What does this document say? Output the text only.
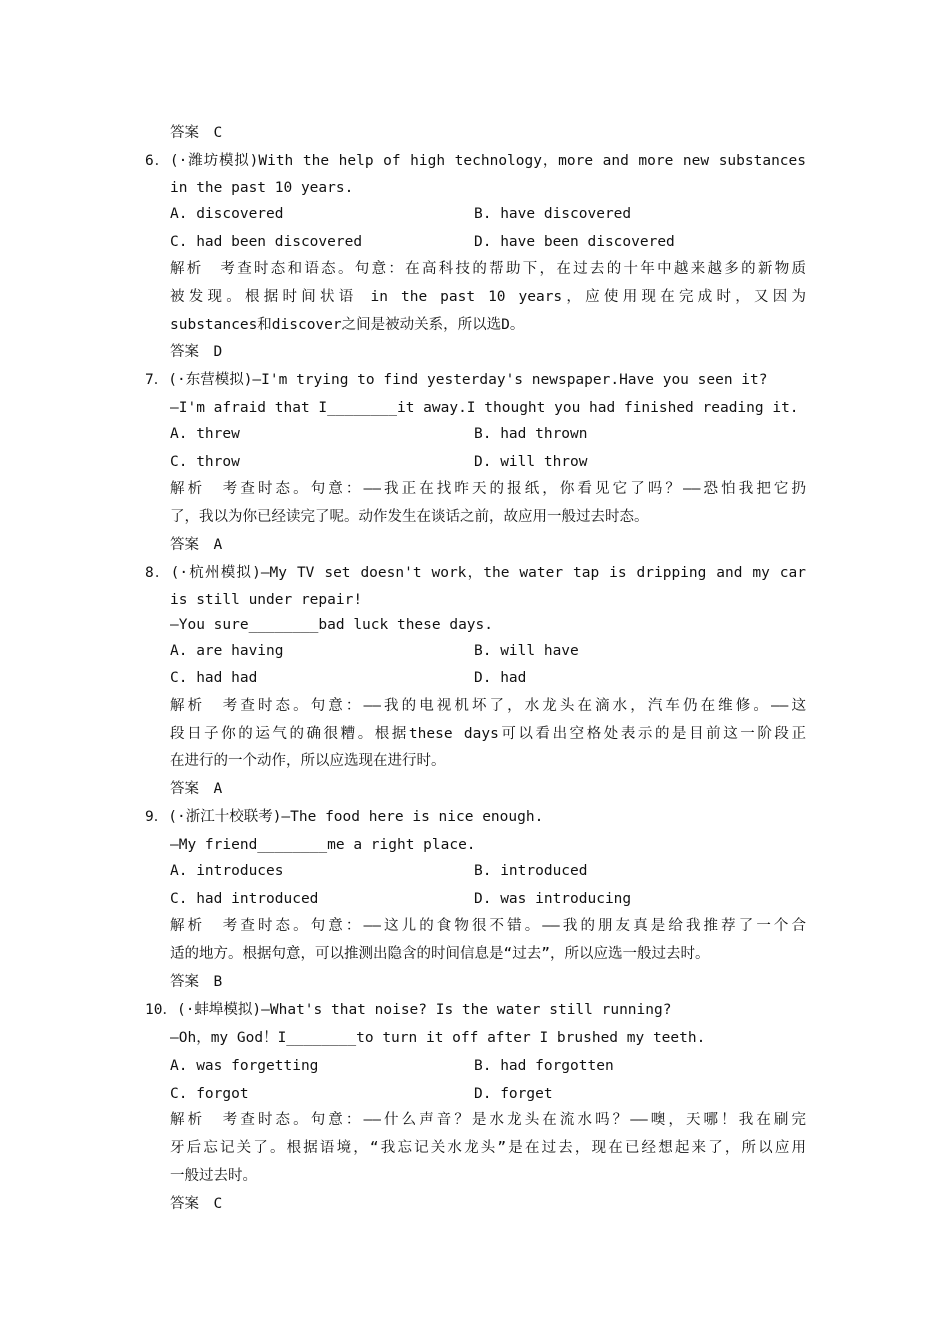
答案　C
6．(·潍坊模拟)With the help of high technology，more and more new substances
in the past 10 years.
A. discovered	B. have discovered
C. had been discovered	D. have been discovered
解析　考查时态和语态。句意：在高科技的帮助下，在过去的十年中越来越多的新物质
被发现。根据时间状语 in the past 10 years，应使用现在完成时，又因为
substances和discover之间是被动关系，所以选D。
答案　D
7．(·东营模拟)—I'm trying to find yesterday's newspaper.Have you seen it?
—I'm afraid that I________it away.I thought you had finished reading it.
A. threw	B. had thrown
C. throw	D. will throw
解析　考查时态。句意：——我正在找昨天的报纸，你看见它了吗？——恐怕我把它扔
了，我以为你已经读完了呢。动作发生在谈话之前，故应用一般过去时态。
答案　A
8．(·杭州模拟)—My TV set doesn't work，the water tap is dripping and my car
is still under repair!
—You sure________bad luck these days.
A. are having	B. will have
C. had had	D. had
解析　考查时态。句意：——我的电视机坏了，水龙头在滴水，汽车仍在维修。——这
段日子你的运气的确很糟。根据these days可以看出空格处表示的是目前这一阶段正
在进行的一个动作，所以应选现在进行时。
答案　A
9．(·浙江十校联考)—The food here is nice enough.
—My friend________me a right place.
A. introduces	B. introduced
C. had introduced	D. was introducing
解析　考查时态。句意：——这儿的食物很不错。——我的朋友真是给我推荐了一个合
适的地方。根据句意，可以推测出隐含的时间信息是“过去”，所以应选一般过去时。
答案　B
10．(·蚌埠模拟)—What's that noise? Is the water still running?
—Oh，my God！I________to turn it off after I brushed my teeth.
A. was forgetting	B. had forgotten
C. forgot	D. forget
解析　考查时态。句意：——什么声音？是水龙头在流水吗？——噢，天哪！我在刷完
牙后忘记关了。根据语境，“我忘记关水龙头”是在过去，现在已经想起来了，所以应用
一般过去时。
答案　C
